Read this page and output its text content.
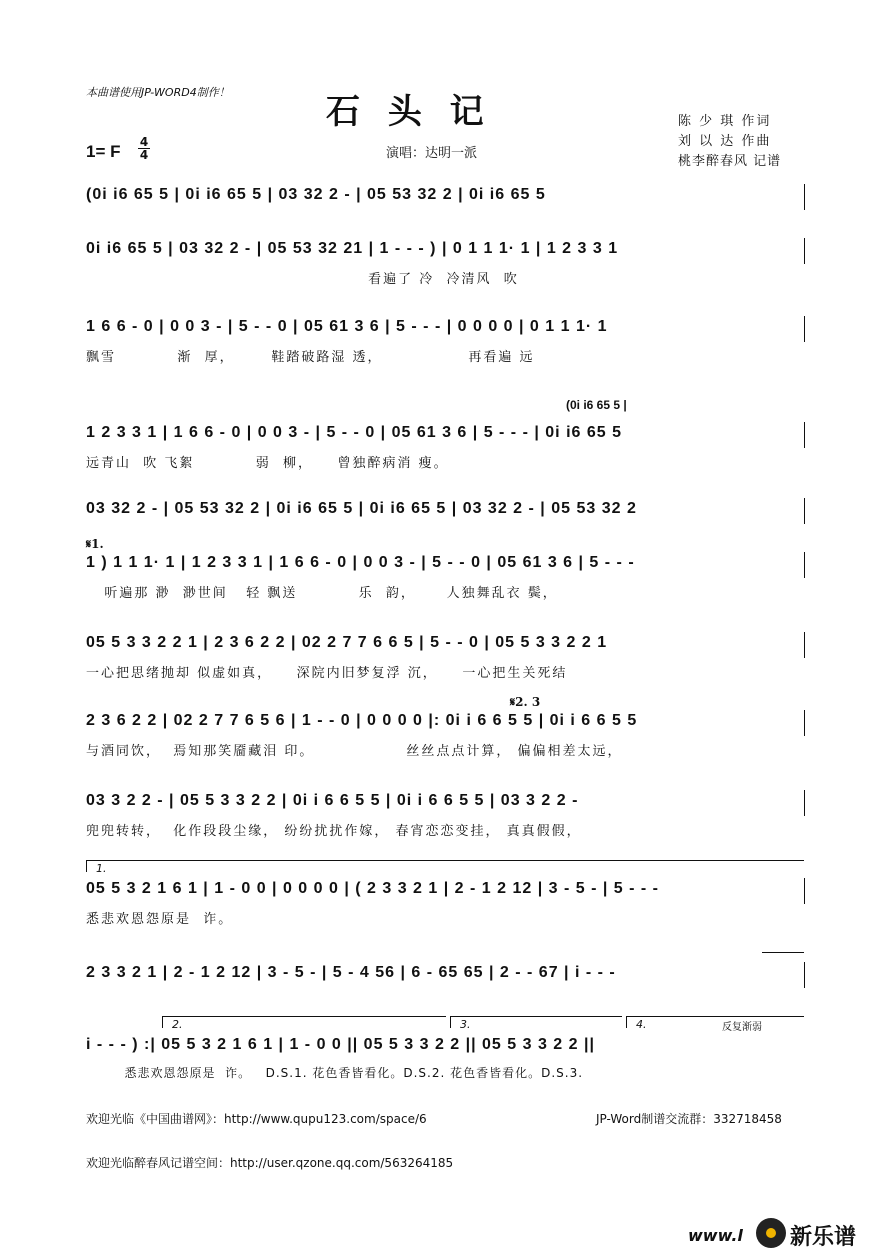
本曲谱使用JP-WORD4制作！	石 头 记	陈 少 琪 作词
刘 以 达 作曲
桃李醉春风 记谱
1= F 4
4	演唱：达明一派
(0i i6 65 5 |
𝄋1.
𝄋2. 3
(0i i6 65 5 | 0i i6 65 5 | 03 32 2 - | 05 53 32 2 | 0i i6 65 5
0i i6 65 5 | 03 32 2 - | 05 53 32 21 | 1 - - - ) | 0 1 1 1· 1 | 1 2 3 3 1
看遍了 冷  冷清风  吹
1 6 6 - 0 | 0 0 3 - | 5 - - 0 | 05 61 3 6 | 5 - - - | 0 0 0 0 | 0 1 1 1· 1
飘雪          渐  厚，      鞋踏破路湿 透，              再看遍 远
1 2 3 3 1 | 1 6 6 - 0 | 0 0 3 - | 5 - - 0 | 05 61 3 6 | 5 - - - | 0i i6 65 5
远青山  吹 飞絮          弱  柳，    曾独醉病消 瘦。
03 32 2 - | 05 53 32 2 | 0i i6 65 5 | 0i i6 65 5 | 03 32 2 - | 05 53 32 2
1 ) 1 1 1· 1 | 1 2 3 3 1 | 1 6 6 - 0 | 0 0 3 - | 5 - - 0 | 05 61 3 6 | 5 - - -
听遍那 渺  渺世间   轻 飘送          乐  韵，     人独舞乱衣 鬓，
05 5 3 3 2 2 1 | 2 3 6 2 2 | 02 2 7 7 6 6 5 | 5 - - 0 | 05 5 3 3 2 2 1
一心把思绪抛却 似虚如真，    深院内旧梦复浮 沉，    一心把生关死结
2 3 6 2 2 | 02 2 7 7 6 5 6 | 1 - - 0 | 0 0 0 0 |: 0i i 6 6 5 5 | 0i i 6 6 5 5
与酒同饮，  焉知那笑靥藏泪 印。               丝丝点点计算， 偏偏相差太远，
03 3 2 2 - | 05 5 3 3 2 2 | 0i i 6 6 5 5 | 0i i 6 6 5 5 | 03 3 2 2 -
兜兜转转，  化作段段尘缘， 纷纷扰扰作嫁， 春宵恋恋变挂， 真真假假，
1.
05 5 3 2 1 6 1 | 1 - 0 0 | 0 0 0 0 | ( 2 3 3 2 1 | 2 - 1 2 12 | 3 - 5 - | 5 - - -
悉悲欢恩怨原是  诈。
2 3 3 2 1 | 2 - 1 2 12 | 3 - 5 - | 5 - 4 56 | 6 - 65 65 | 2 - - 67 | i - - -
2.	3.	4.	反复渐弱
i - - - ) :| 05 5 3 2 1 6 1 | 1 - 0 0 || 05 5 3 3 2 2 || 05 5 3 3 2 2 ||
悉悲欢恩怨原是  诈。   D.S.1. 花色香皆看化。D.S.2. 花色香皆看化。D.S.3.
欢迎光临《中国曲谱网》：http://www.qupu123.com/space/6	JP-Word制谱交流群：332718458
欢迎光临醉春风记谱空间：http://user.qzone.qq.com/563264185
www.l 新乐谱
